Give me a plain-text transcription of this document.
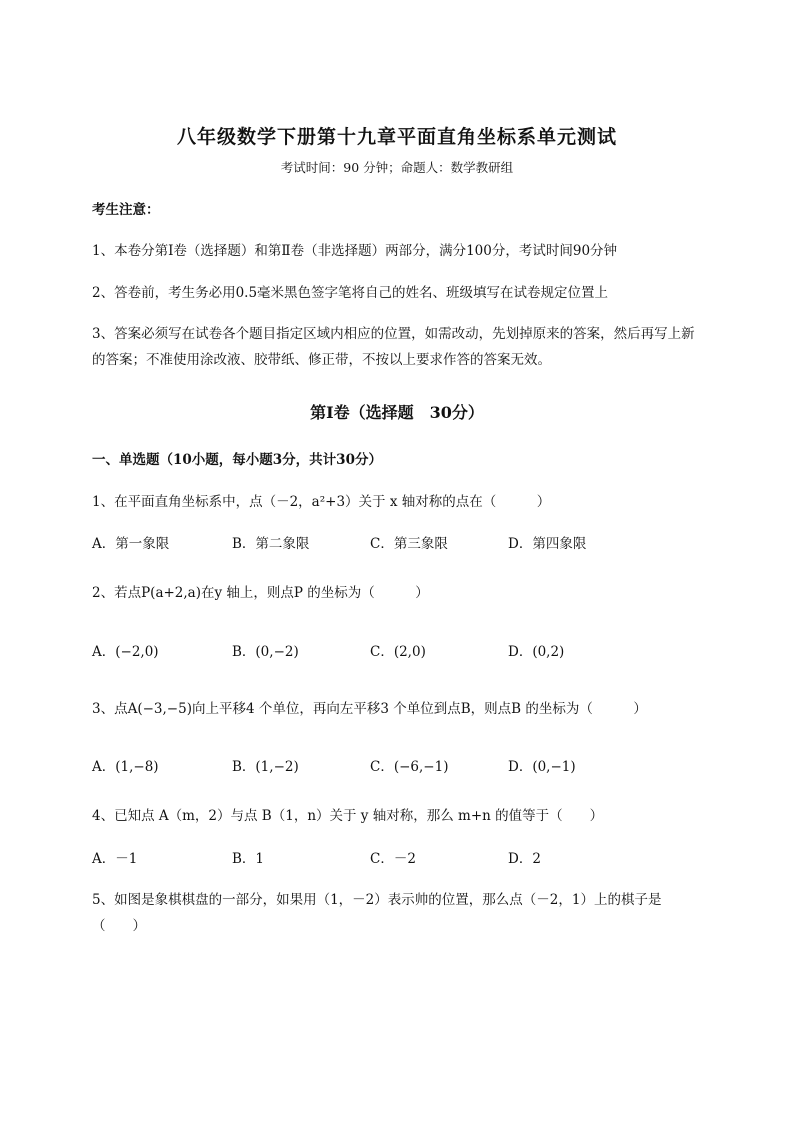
八年级数学下册第十九章平面直角坐标系单元测试
考试时间：90 分钟；命题人：数学教研组
考生注意：
1、本卷分第Ⅰ卷（选择题）和第Ⅱ卷（非选择题）两部分，满分100分，考试时间90分钟
2、答卷前，考生务必用0.5毫米黑色签字笔将自己的姓名、班级填写在试卷规定位置上
3、答案必须写在试卷各个题目指定区域内相应的位置，如需改动，先划掉原来的答案，然后再写上新
的答案；不准使用涂改液、胶带纸、修正带，不按以上要求作答的答案无效。
第Ⅰ卷（选择题　30分）
一、单选题（10小题，每小题3分，共计30分）
1、在平面直角坐标系中，点（－2，a²+3）关于 x 轴对称的点在（　　　）
A．第一象限	B．第二象限	C．第三象限	D．第四象限
2、若点P(a+2,a)在y 轴上，则点P 的坐标为（　　　）
A．(−2,0)	B．(0,−2)	C．(2,0)	D．(0,2)
3、点A(−3,−5)向上平移4 个单位，再向左平移3 个单位到点B，则点B 的坐标为（　　　）
A．(1,−8)	B．(1,−2)	C．(−6,−1)	D．(0,−1)
4、已知点 A（m，2）与点 B（1，n）关于 y 轴对称，那么 m+n 的值等于（　　）
A．－1	B．1	C．－2	D．2
5、如图是象棋棋盘的一部分，如果用（1，－2）表示帅的位置，那么点（－2，1）上的棋子是
（　　）
